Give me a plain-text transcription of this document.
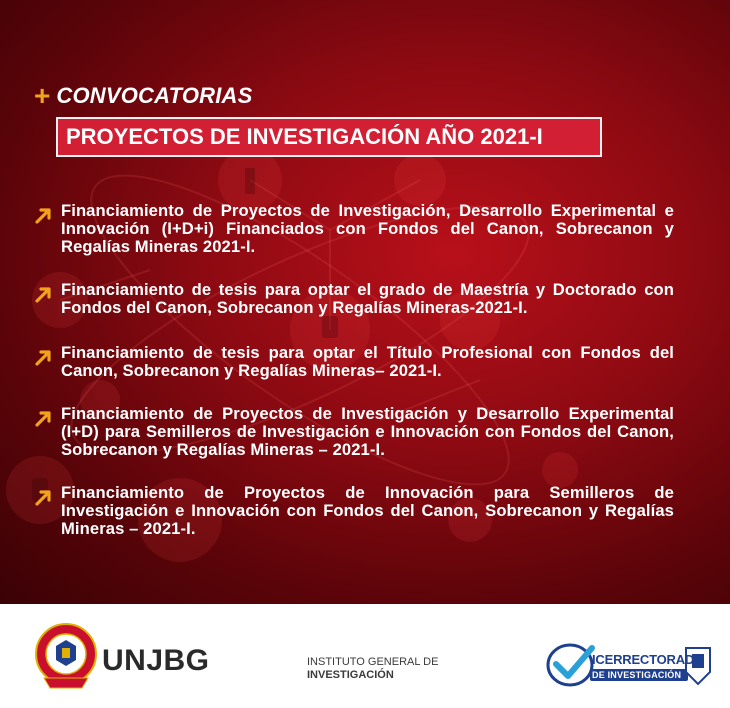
+ CONVOCATORIAS
PROYECTOS DE INVESTIGACIÓN AÑO 2021-I
Financiamiento de Proyectos de Investigación, Desarrollo Experimental e Innovación (I+D+i) Financiados con Fondos del Canon, Sobrecanon y Regalías Mineras 2021-I.
Financiamiento de tesis para optar el grado de Maestría y Doctorado con Fondos del Canon, Sobrecanon y Regalías Mineras-2021-I.
Financiamiento de tesis para optar el Título Profesional con Fondos del Canon, Sobrecanon y Regalías Mineras– 2021-I.
Financiamiento de Proyectos de Investigación y Desarrollo Experimental (I+D) para Semilleros de Investigación e Innovación con Fondos del Canon, Sobrecanon y Regalías Mineras – 2021-I.
Financiamiento de Proyectos de Innovación para Semilleros de Investigación e Innovación con Fondos del Canon, Sobrecanon y Regalías Mineras – 2021-I.
UNJBG	INSTITUTO GENERAL DE
INVESTIGACIÓN
ICERRECTORADO
DE INVESTIGACIÓN
